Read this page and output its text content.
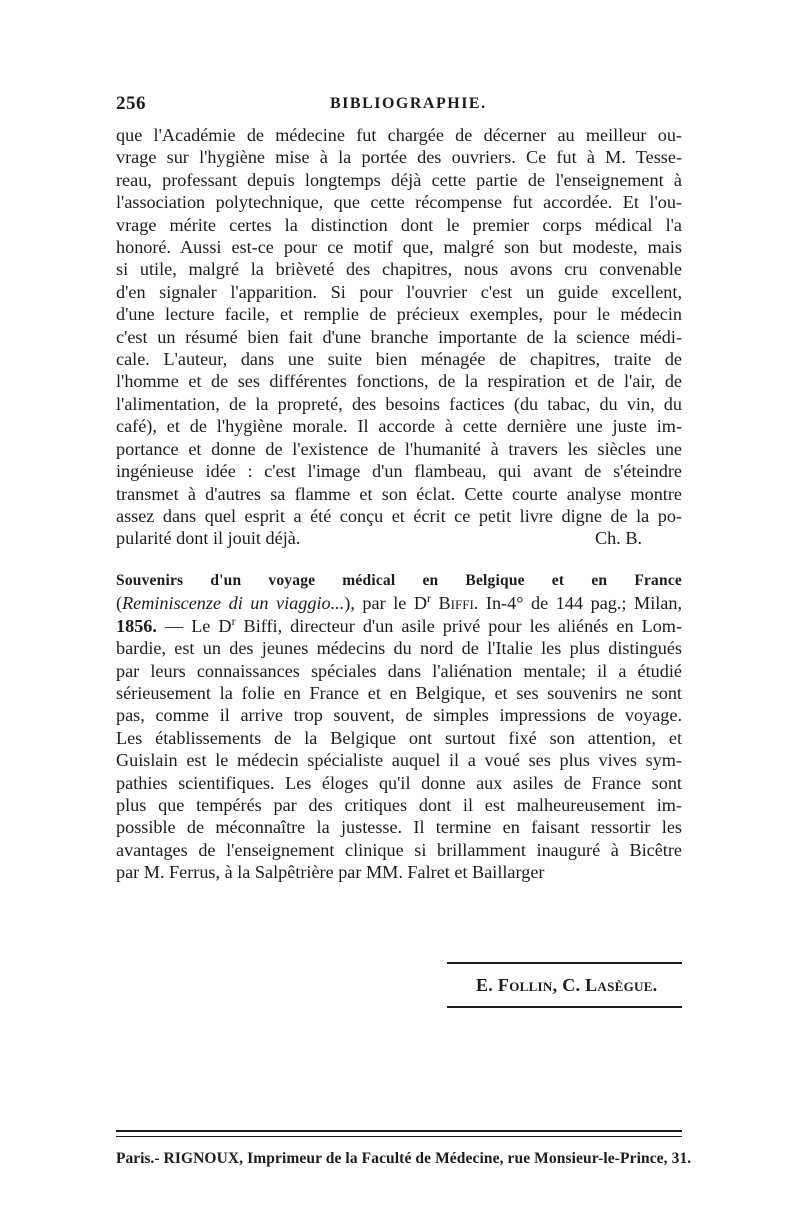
256	BIBLIOGRAPHIE.
que l'Académie de médecine fut chargée de décerner au meilleur ou-
vrage sur l'hygiène mise à la portée des ouvriers. Ce fut à M. Tesse-
reau, professant depuis longtemps déjà cette partie de l'enseignement à
l'association polytechnique, que cette récompense fut accordée. Et l'ou-
vrage mérite certes la distinction dont le premier corps médical l'a
honoré. Aussi est-ce pour ce motif que, malgré son but modeste, mais
si utile, malgré la brièveté des chapitres, nous avons cru convenable
d'en signaler l'apparition. Si pour l'ouvrier c'est un guide excellent,
d'une lecture facile, et remplie de précieux exemples, pour le médecin
c'est un résumé bien fait d'une branche importante de la science médi-
cale. L'auteur, dans une suite bien ménagée de chapitres, traite de
l'homme et de ses différentes fonctions, de la respiration et de l'air, de
l'alimentation, de la propreté, des besoins factices (du tabac, du vin, du
café), et de l'hygiène morale. Il accorde à cette dernière une juste im-
portance et donne de l'existence de l'humanité à travers les siècles une
ingénieuse idée : c'est l'image d'un flambeau, qui avant de s'éteindre
transmet à d'autres sa flamme et son éclat. Cette courte analyse montre
assez dans quel esprit a été conçu et écrit ce petit livre digne de la po-
pularité dont il jouit déjà.	Ch. B.
Souvenirs d'un voyage médical en Belgique et en France
(Reminiscenze di un viaggio...), par le $D^r$ Biffi. In-4° de 144 pag.; Milan,
1856. — Le $D^r$ Biffi, directeur d'un asile privé pour les aliénés en Lom-
bardie, est un des jeunes médecins du nord de l'Italie les plus distingués
par leurs connaissances spéciales dans l'aliénation mentale; il a étudié
sérieusement la folie en France et en Belgique, et ses souvenirs ne sont
pas, comme il arrive trop souvent, de simples impressions de voyage.
Les établissements de la Belgique ont surtout fixé son attention, et
Guislain est le médecin spécialiste auquel il a voué ses plus vives sym-
pathies scientifiques. Les éloges qu'il donne aux asiles de France sont
plus que tempérés par des critiques dont il est malheureusement im-
possible de méconnaître la justesse. Il termine en faisant ressortir les
avantages de l'enseignement clinique si brillamment inauguré à Bicêtre
par M. Ferrus, à la Salpêtrière par MM. Falret et Baillarger
E. Follin, C. Lasègue.
Paris. - RIGNOUX, Imprimeur de la Faculté de Médecine, rue Monsieur-le-Prince, 31.
